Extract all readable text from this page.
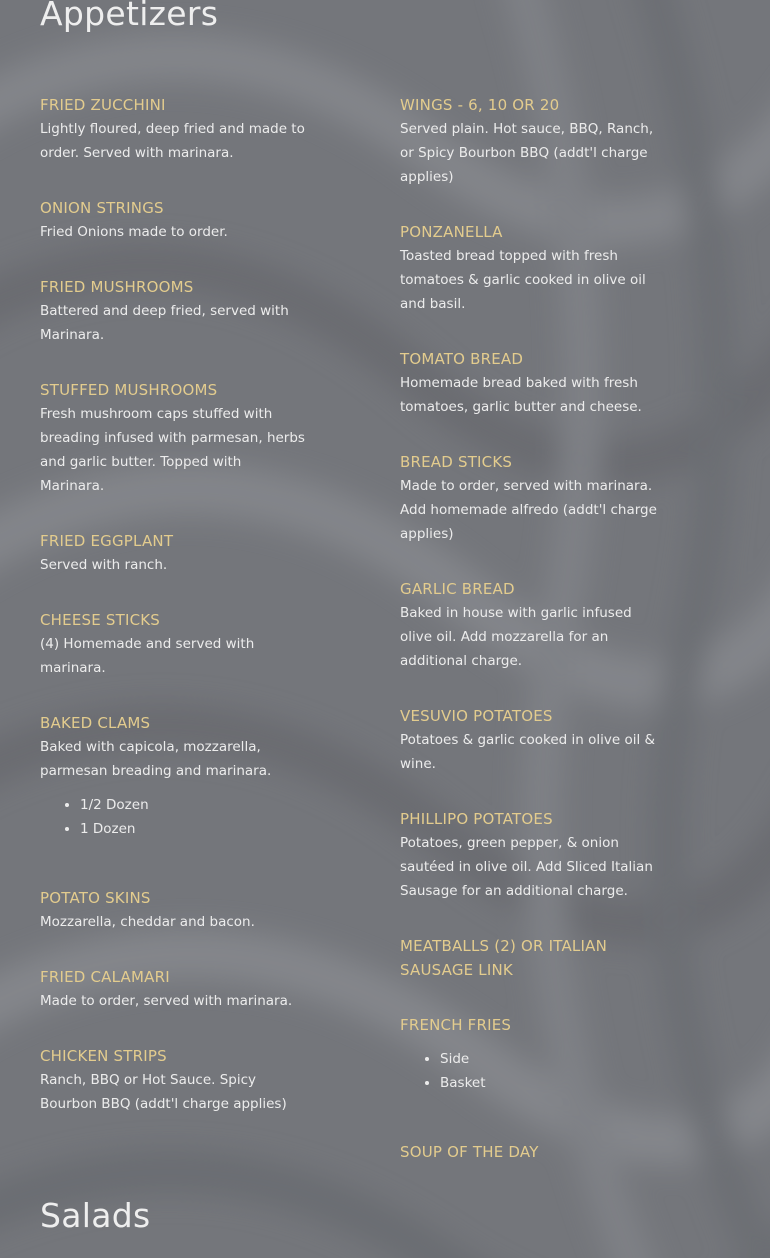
Appetizers
FRIED ZUCCHINI
Lightly floured, deep fried and made to order. Served with marinara.
ONION STRINGS
Fried Onions made to order.
FRIED MUSHROOMS
Battered and deep fried, served with Marinara.
STUFFED MUSHROOMS
Fresh mushroom caps stuffed with breading infused with parmesan, herbs and garlic butter. Topped with Marinara.
FRIED EGGPLANT
Served with ranch.
CHEESE STICKS
(4) Homemade and served with marinara.
BAKED CLAMS
Baked with capicola, mozzarella, parmesan breading and marinara.
• 1/2 Dozen
• 1 Dozen
POTATO SKINS
Mozzarella, cheddar and bacon.
FRIED CALAMARI
Made to order, served with marinara.
CHICKEN STRIPS
Ranch, BBQ or Hot Sauce. Spicy Bourbon BBQ (addt'l charge applies)
WINGS - 6, 10 OR 20
Served plain. Hot sauce, BBQ, Ranch, or Spicy Bourbon BBQ (addt'l charge applies)
PONZANELLA
Toasted bread topped with fresh tomatoes & garlic cooked in olive oil and basil.
TOMATO BREAD
Homemade bread baked with fresh tomatoes, garlic butter and cheese.
BREAD STICKS
Made to order, served with marinara. Add homemade alfredo (addt'l charge applies)
GARLIC BREAD
Baked in house with garlic infused olive oil. Add mozzarella for an additional charge.
VESUVIO POTATOES
Potatoes & garlic cooked in olive oil & wine.
PHILLIPO POTATOES
Potatoes, green pepper, & onion sautéed in olive oil. Add Sliced Italian Sausage for an additional charge.
MEATBALLS (2) OR ITALIAN SAUSAGE LINK
FRENCH FRIES
• Side
• Basket
SOUP OF THE DAY
Salads
